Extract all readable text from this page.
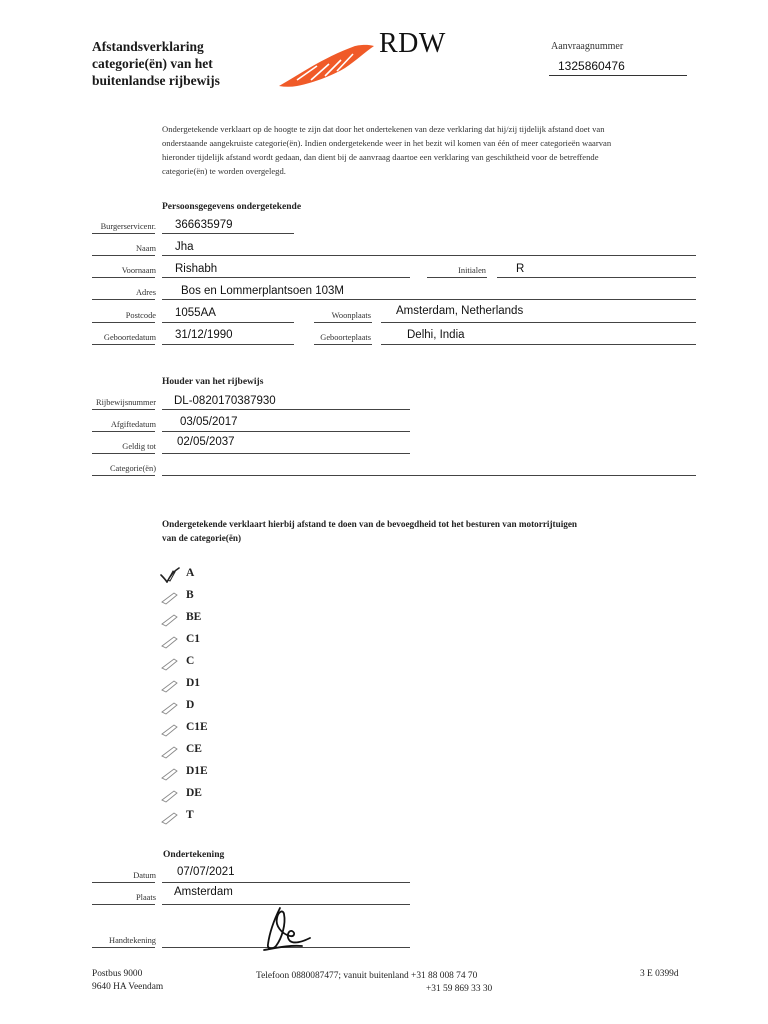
Afstandsverklaring
categorie(ën) van het
buitenlandse rijbewijs
RDW	Aanvraagnummer
1325860476
Ondergetekende verklaart op de hoogte te zijn dat door het ondertekenen van deze verklaring dat hij/zij tijdelijk afstand doet van onderstaande aangekruiste categorie(ën). Indien ondergetekende weer in het bezit wil komen van één of meer categorieën waarvan hieronder tijdelijk afstand wordt gedaan, dan dient bij de aanvraag daartoe een verklaring van geschiktheid voor de betreffende categorie(ën) te worden overgelegd.
Persoonsgegevens ondergetekende
Burgerservicenr. 366635979
Naam Jha
Voornaam Rishabh	Initialen	R
Adres Bos en Lommerplantsoen 103M
Postcode 1055AA	Woonplaats Amsterdam, Netherlands
Geboortedatum 31/12/1990	Geboorteplaats	Delhi, India
Houder van het rijbewijs
Rijbewijsnummer DL-0820170387930
Afgiftedatum 03/05/2017
Geldig tot 02/05/2037
Categorie(ën)
Ondergetekende verklaart hierbij afstand te doen van de bevoegdheid tot het besturen van motorrijtuigen
van de categorie(ën)
A
B
BE
C1
C
D1
D
C1E
CE
D1E
DE
T
Ondertekening
Datum 07/07/2021
Plaats Amsterdam
Handtekening
Postbus 9000
9640 HA Veendam
Telefoon 0880087477; vanuit buitenland +31 88 008 74 70
+31 59 869 33 30
3 E 0399d
